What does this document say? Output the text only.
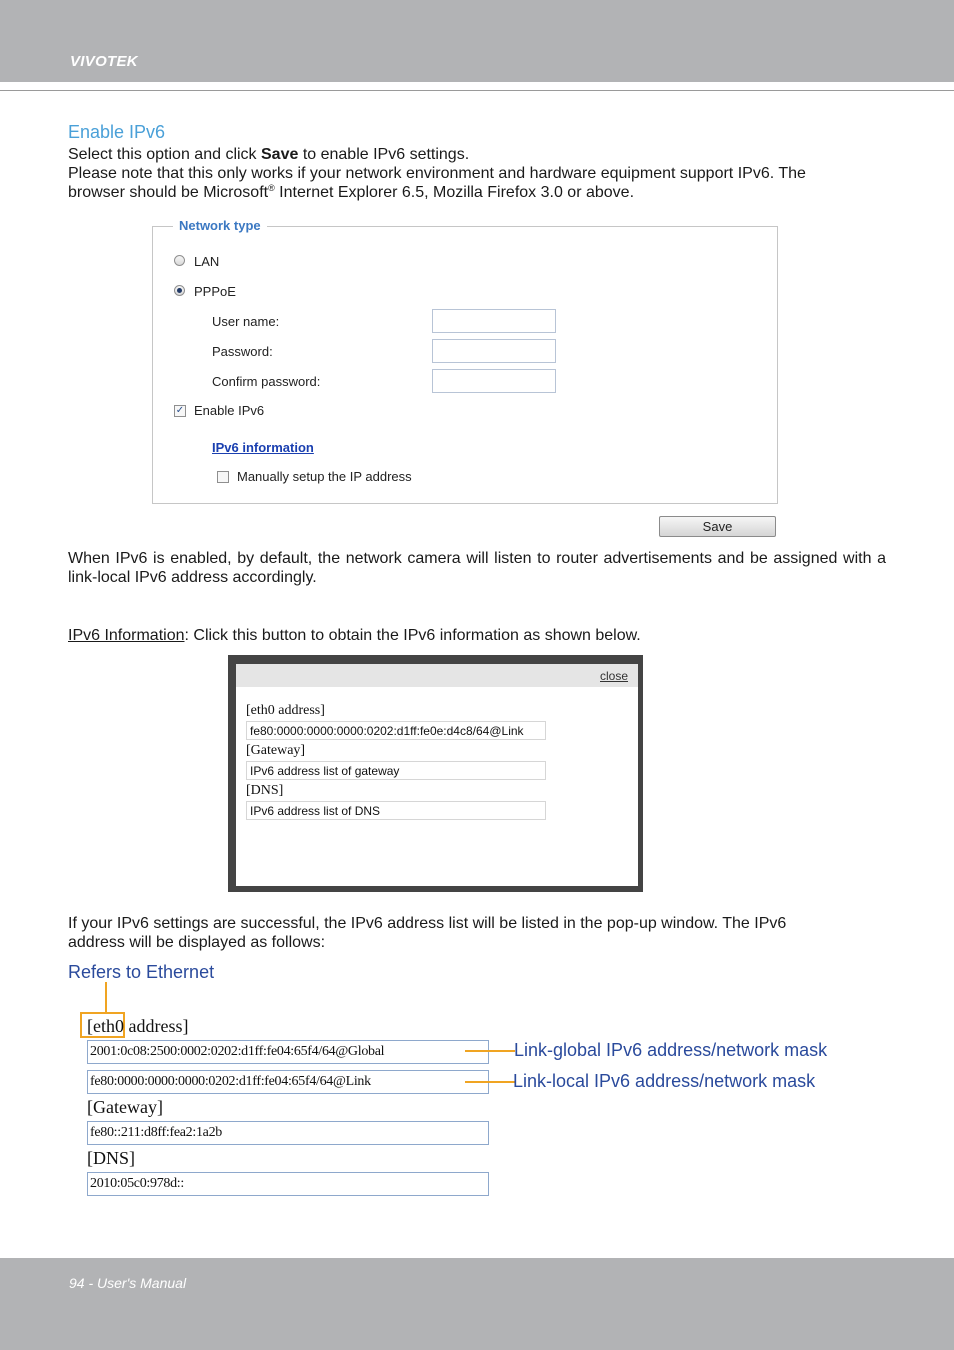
VIVOTEK
Enable IPv6
Select this option and click Save to enable IPv6 settings.
Please note that this only works if your network environment and hardware equipment support IPv6. The
browser should be Microsoft® Internet Explorer 6.5, Mozilla Firefox 3.0 or above.
Network type
LAN
PPPoE
User name:
Password:
Confirm password:
✓ Enable IPv6
IPv6 information
Manually setup the IP address
Save
When IPv6 is enabled, by default, the network camera will listen to router advertisements and be assigned with a link-local IPv6 address accordingly.
IPv6 Information: Click this button to obtain the IPv6 information as shown below.
close
[eth0 address]
fe80:0000:0000:0000:0202:d1ff:fe0e:d4c8/64@Link
[Gateway]
IPv6 address list of gateway
[DNS]
IPv6 address list of DNS
If your IPv6 settings are successful, the IPv6 address list will be listed in the pop-up window. The IPv6
address will be displayed as follows:
Refers to Ethernet
[eth0 address]
2001:0c08:2500:0002:0202:d1ff:fe04:65f4/64@Global	Link-global IPv6 address/network mask
fe80:0000:0000:0000:0202:d1ff:fe04:65f4/64@Link	Link-local IPv6 address/network mask
[Gateway]
fe80::211:d8ff:fea2:1a2b
[DNS]
2010:05c0:978d::
94 - User's Manual
